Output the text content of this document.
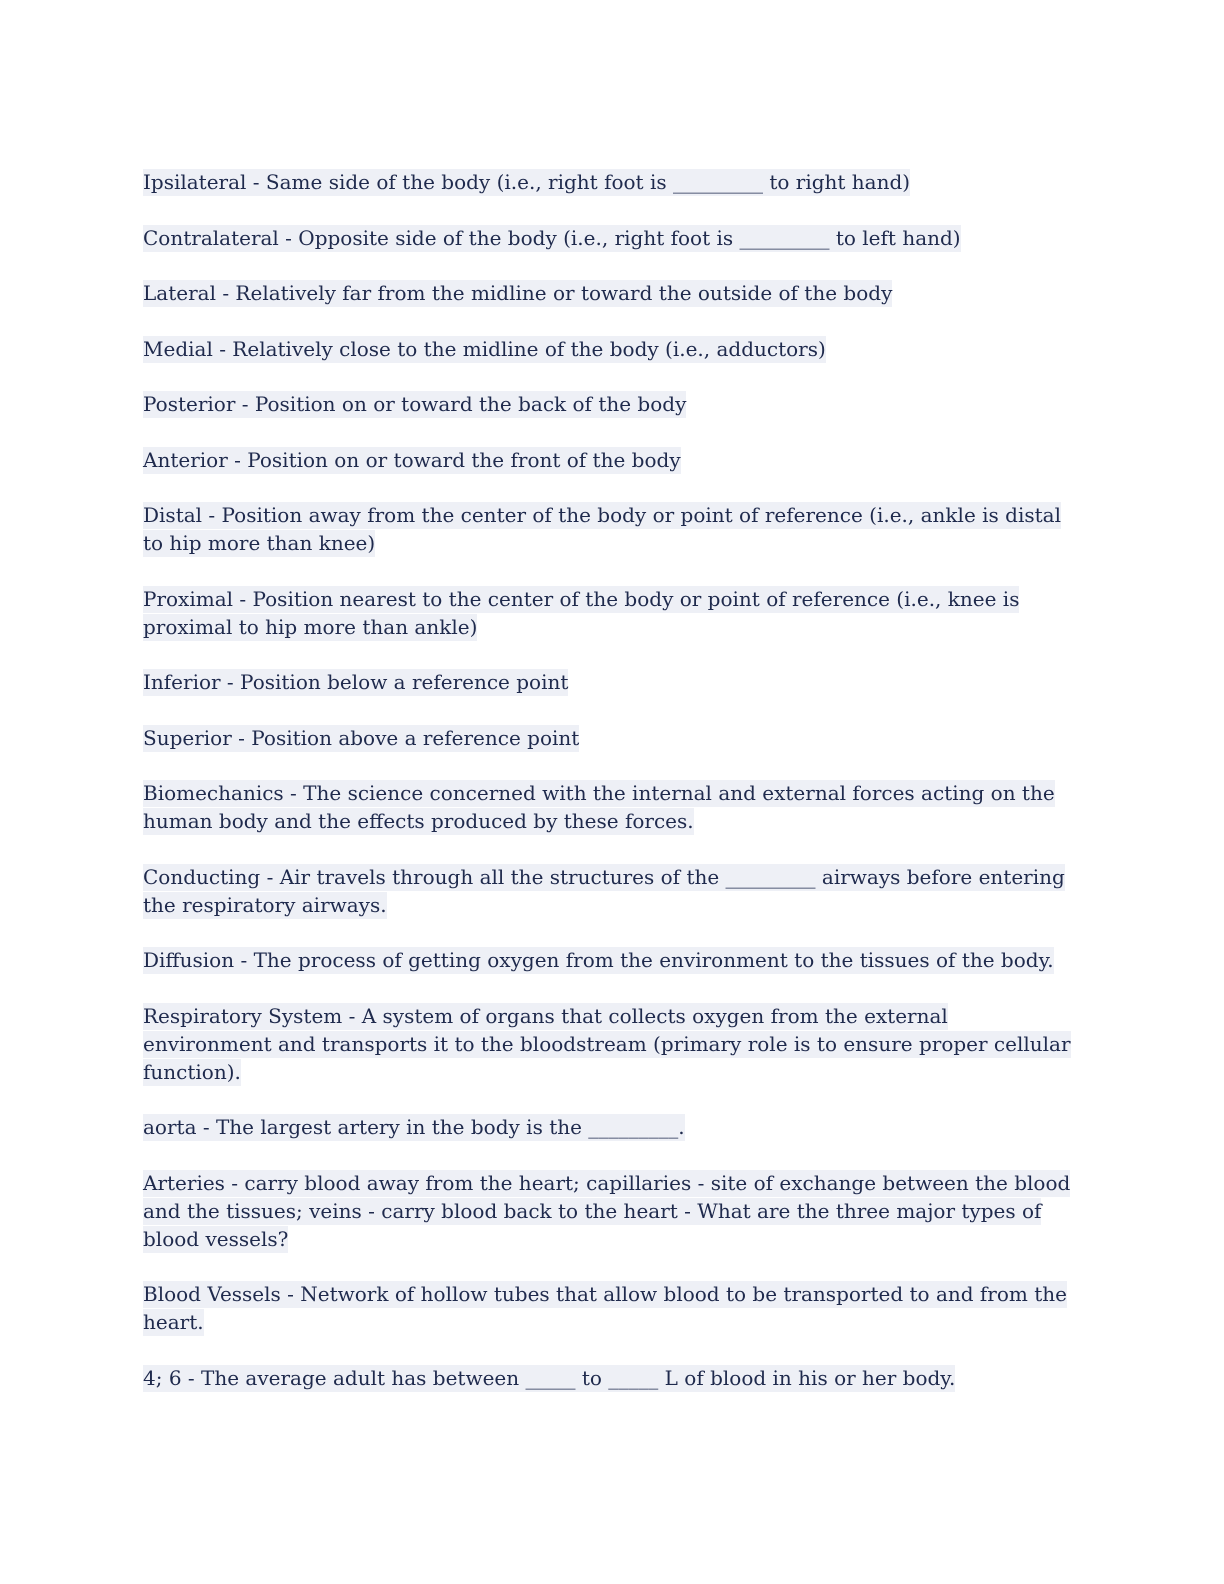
Ipsilateral - Same side of the body (i.e., right foot is _________ to right hand)
Contralateral - Opposite side of the body (i.e., right foot is _________ to left hand)
Lateral - Relatively far from the midline or toward the outside of the body
Medial - Relatively close to the midline of the body (i.e., adductors)
Posterior - Position on or toward the back of the body
Anterior - Position on or toward the front of the body
Distal - Position away from the center of the body or point of reference (i.e., ankle is distal to hip more than knee)
Proximal - Position nearest to the center of the body or point of reference (i.e., knee is proximal to hip more than ankle)
Inferior - Position below a reference point
Superior - Position above a reference point
Biomechanics - The science concerned with the internal and external forces acting on the human body and the effects produced by these forces.
Conducting - Air travels through all the structures of the _________ airways before entering the respiratory airways.
Diffusion - The process of getting oxygen from the environment to the tissues of the body.
Respiratory System - A system of organs that collects oxygen from the external environment and transports it to the bloodstream (primary role is to ensure proper cellular function).
aorta - The largest artery in the body is the _________.
Arteries - carry blood away from the heart; capillaries - site of exchange between the blood and the tissues; veins - carry blood back to the heart - What are the three major types of blood vessels?
Blood Vessels - Network of hollow tubes that allow blood to be transported to and from the heart.
4; 6 - The average adult has between _____ to _____ L of blood in his or her body.
